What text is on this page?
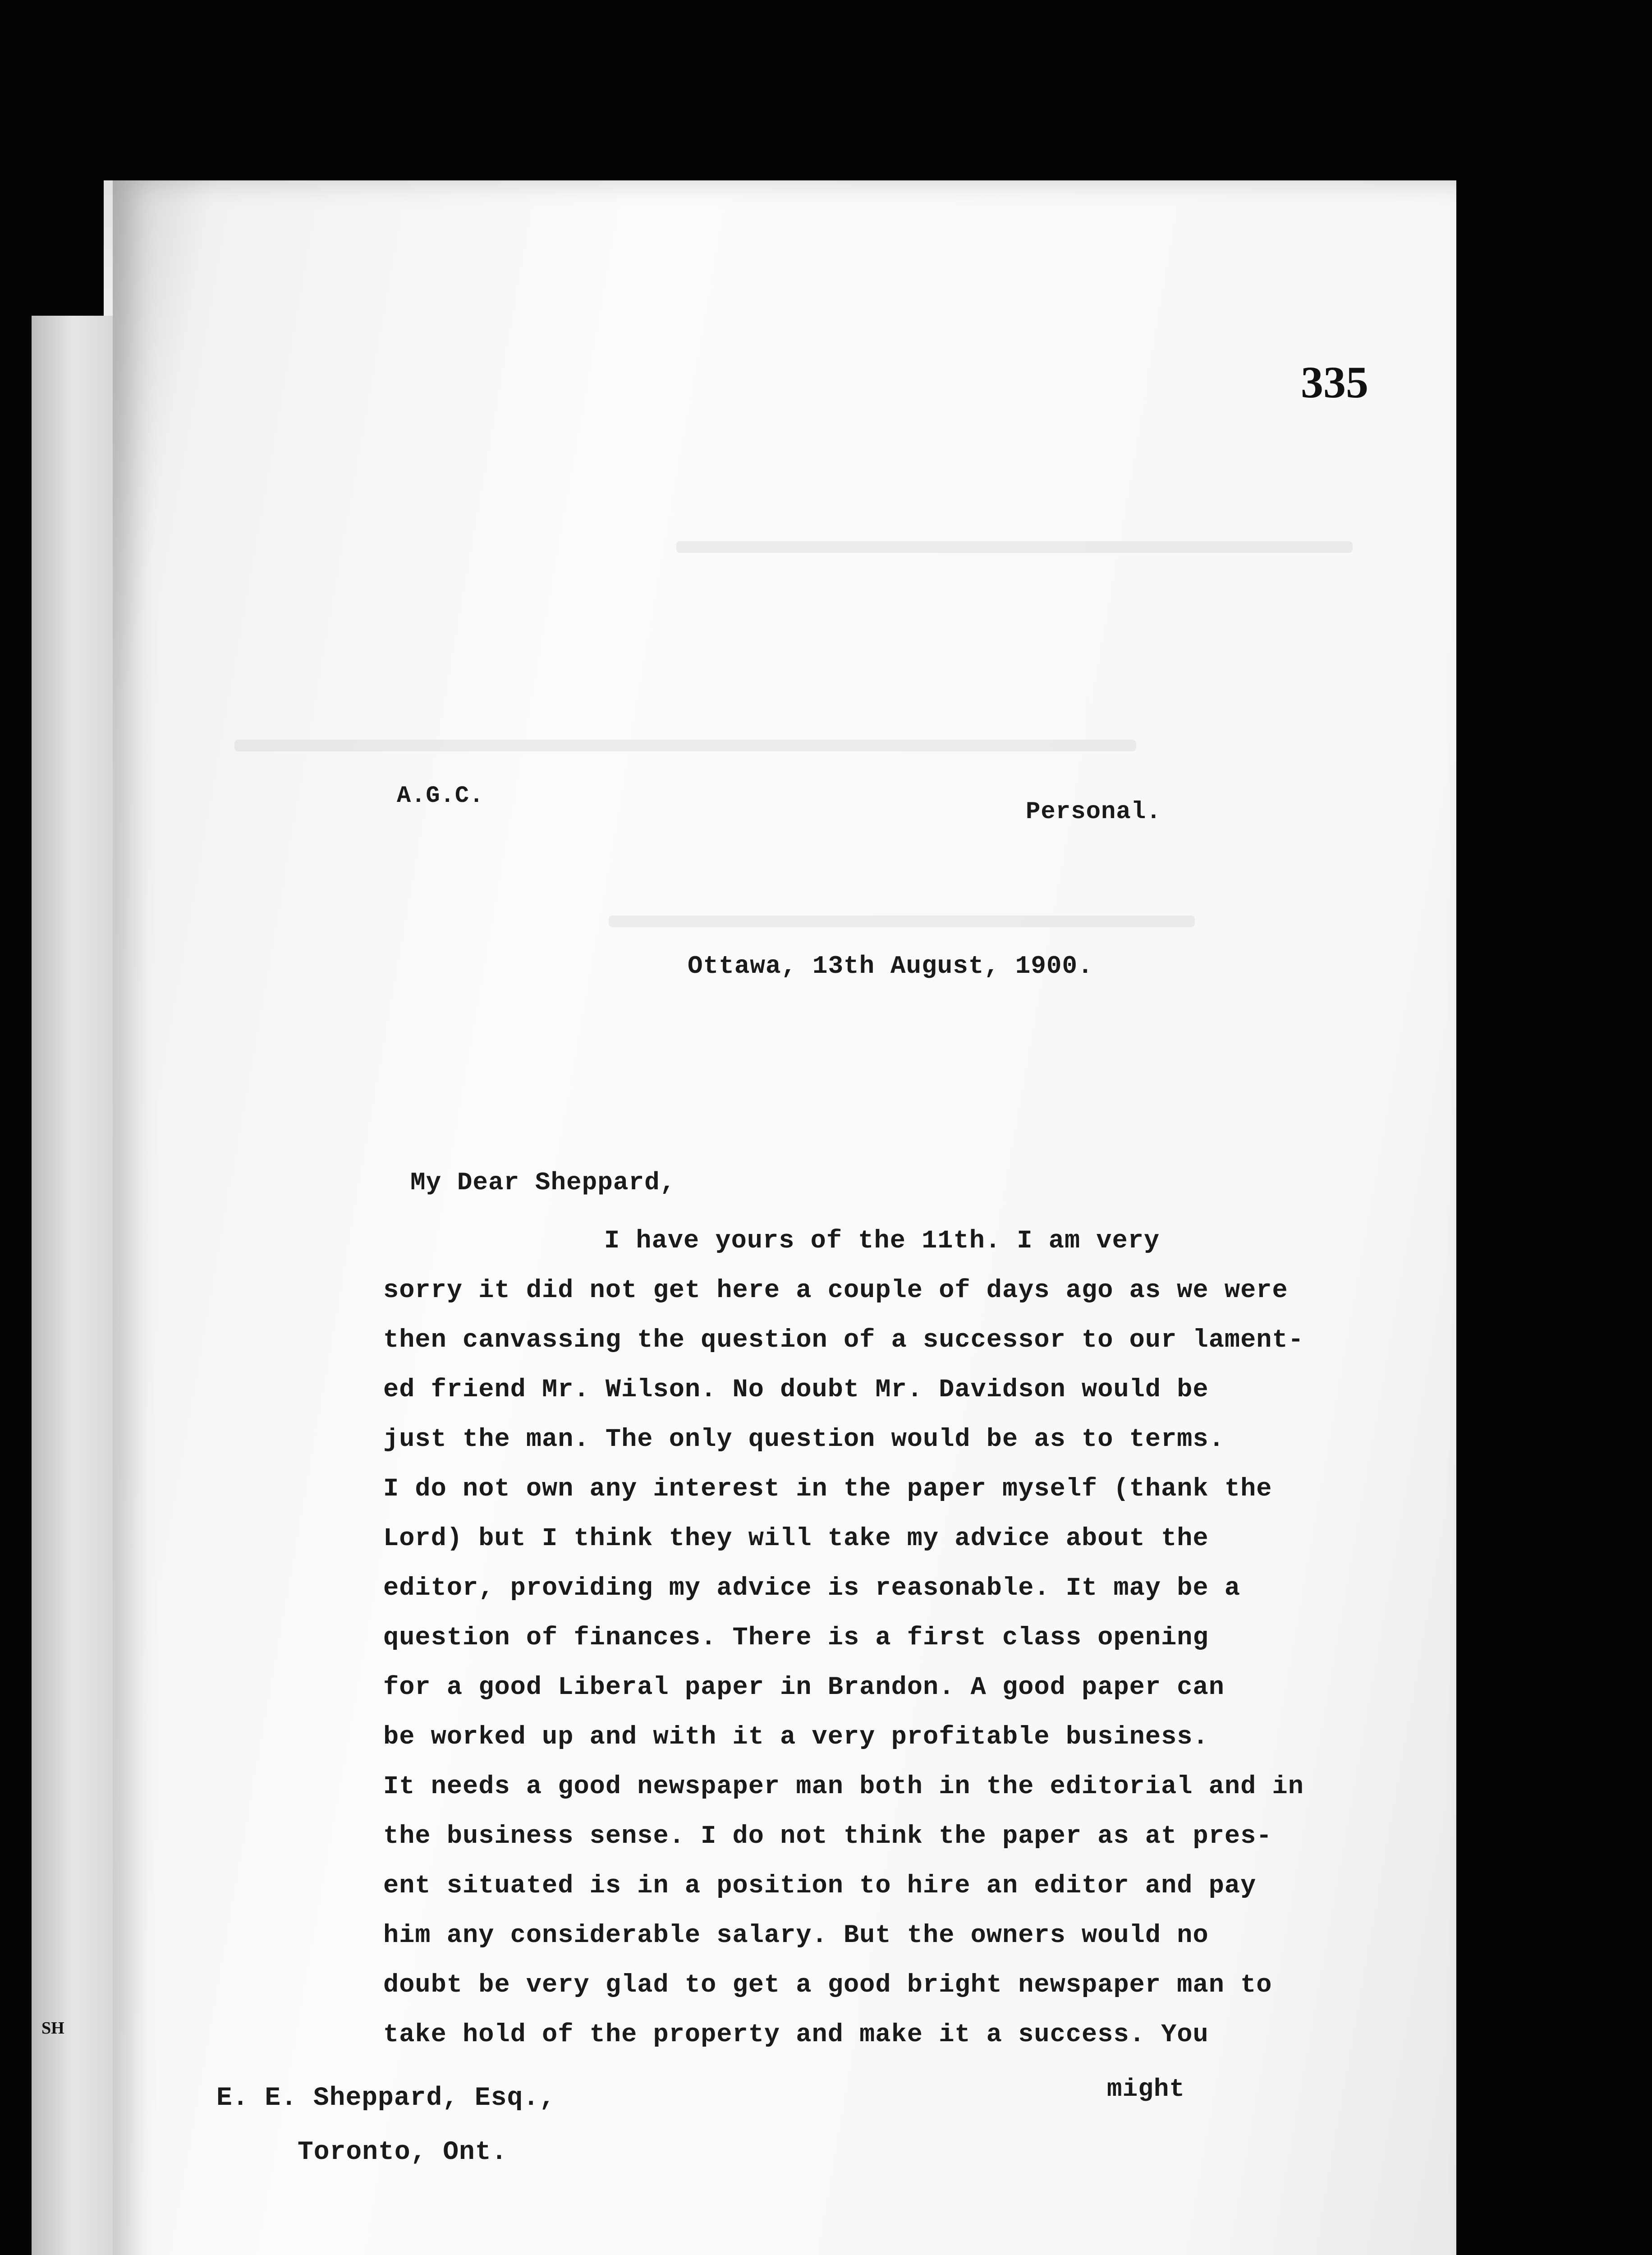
SH
335
A.G.C.
Personal.
Ottawa, 13th August, 1900.
My Dear Sheppard,
I have yours of the 11th. I am very
sorry it did not get here a couple of days ago as we were
then canvassing the question of a successor to our lament-
ed friend Mr. Wilson. No doubt Mr. Davidson would be
just the man. The only question would be as to terms.
I do not own any interest in the paper myself (thank the
Lord) but I think they will take my advice about the
editor, providing my advice is reasonable. It may be a
question of finances. There is a first class opening
for a good Liberal paper in Brandon. A good paper can
be worked up and with it a very profitable business.
It needs a good newspaper man both in the editorial and in
the business sense. I do not think the paper as at pres-
ent situated is in a position to hire an editor and pay
him any considerable salary. But the owners would no
doubt be very glad to get a good bright newspaper man to
take hold of the property and make it a success. You
might
E. E. Sheppard, Esq.,
Toronto, Ont.
